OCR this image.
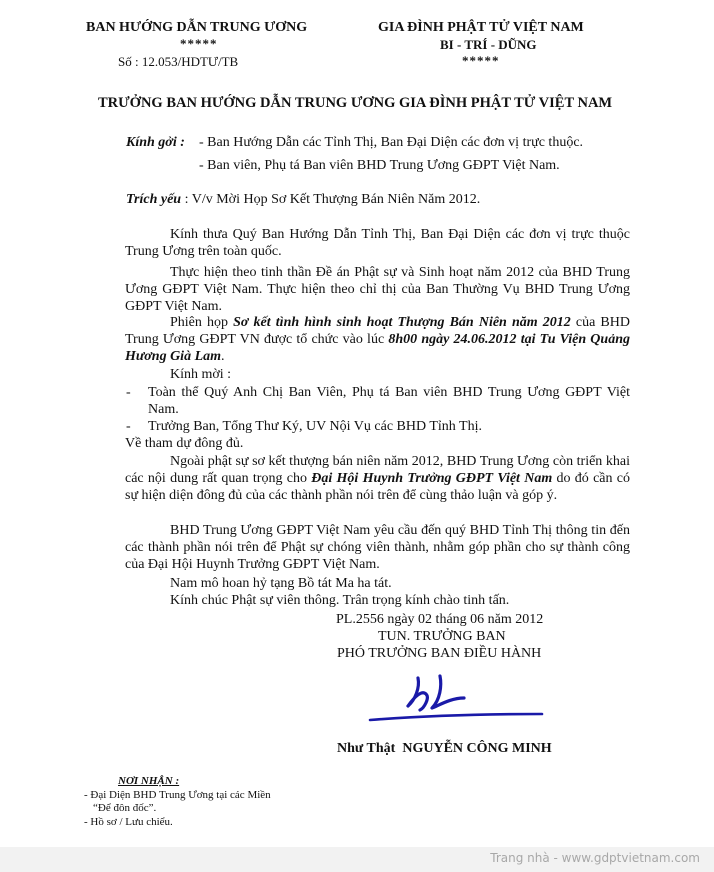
BAN HƯỚNG DẪN TRUNG ƯƠNG
*****
Số : 12.053/HDTƯ/TB
GIA ĐÌNH PHẬT TỬ VIỆT NAM
BI - TRÍ - DŨNG
*****
TRƯỞNG BAN HƯỚNG DẪN TRUNG ƯƠNG GIA ĐÌNH PHẬT TỬ VIỆT NAM
Kính gởi : - Ban Hướng Dẫn các Tỉnh Thị, Ban Đại Diện các đơn vị trực thuộc.
- Ban viên, Phụ tá Ban viên BHD Trung Ương GĐPT Việt Nam.
Trích yếu : V/v Mời Họp Sơ Kết Thượng Bán Niên Năm 2012.
Kính thưa Quý Ban Hướng Dẫn Tỉnh Thị, Ban Đại Diện các đơn vị trực thuộc Trung Ương trên toàn quốc.
Thực hiện theo tinh thần Đề án Phật sự và Sinh hoạt năm 2012 của BHD Trung Ương GĐPT Việt Nam. Thực hiện theo chỉ thị của Ban Thường Vụ BHD Trung Ương GĐPT Việt Nam.
Phiên họp Sơ kết tình hình sinh hoạt Thượng Bán Niên năm 2012 của BHD Trung Ương GĐPT VN được tổ chức vào lúc 8h00 ngày 24.06.2012 tại Tu Viện Quảng Hương Già Lam.
Kính mời :
- Toàn thể Quý Anh Chị Ban Viên, Phụ tá Ban viên BHD Trung Ương GĐPT Việt Nam.
- Trưởng Ban, Tổng Thư Ký, UV Nội Vụ các BHD Tỉnh Thị.
Về tham dự đông đủ.
Ngoài phật sự sơ kết thượng bán niên năm 2012, BHD Trung Ương còn triển khai các nội dung rất quan trọng cho Đại Hội Huynh Trưởng GĐPT Việt Nam do đó cần có sự hiện diện đông đủ của các thành phần nói trên để cùng thảo luận và góp ý.
BHD Trung Ương GĐPT Việt Nam yêu cầu đến quý BHD Tỉnh Thị thông tin đến các thành phần nói trên để Phật sự chóng viên thành, nhằm góp phần cho sự thành công của Đại Hội Huynh Trưởng GĐPT Việt Nam.
Nam mô hoan hỷ tạng Bồ tát Ma ha tát.
Kính chúc Phật sự viên thông. Trân trọng kính chào tinh tấn.
PL.2556 ngày 02 tháng 06 năm 2012
TUN. TRƯỞNG BAN
PHÓ TRƯỞNG BAN ĐIỀU HÀNH
Như Thật NGUYỄN CÔNG MINH
NƠI NHẬN :
- Đại Diện BHD Trung Ương tại các Miền
“Để đôn đốc”.
- Hồ sơ / Lưu chiểu.
Trang nhà - www.gdptvietnam.com
